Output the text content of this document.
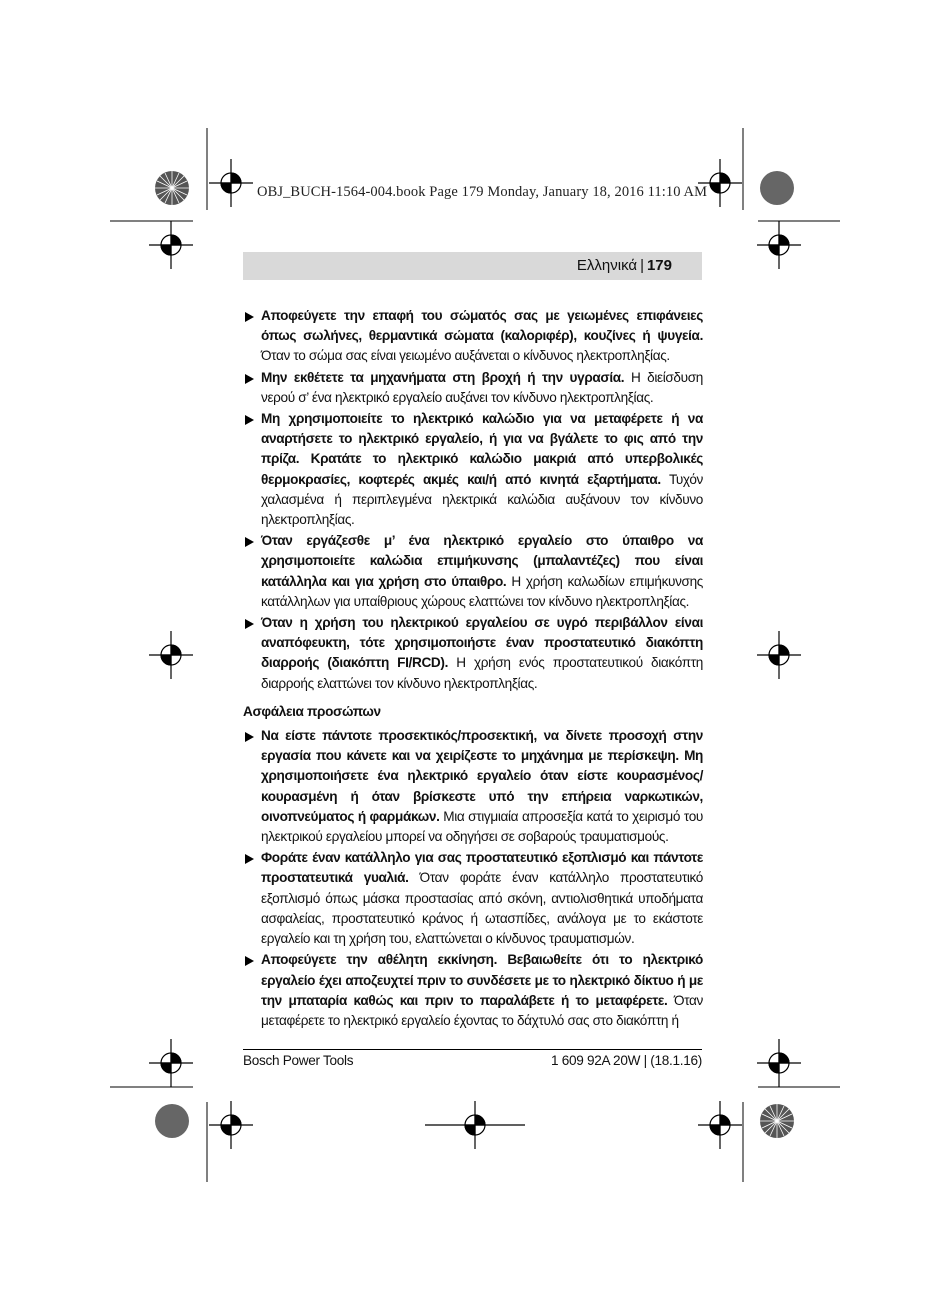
OBJ_BUCH-1564-004.book Page 179 Monday, January 18, 2016 11:10 AM
Ελληνικά | 179
Αποφεύγετε την επαφή του σώματός σας με γειωμένες επιφάνειες όπως σωλήνες, θερμαντικά σώματα (καλοριφέρ), κουζίνες ή ψυγεία. Όταν το σώμα σας είναι γειωμένο αυξάνεται ο κίνδυνος ηλεκτροπληξίας.
Μην εκθέτετε τα μηχανήματα στη βροχή ή την υγρασία. Η διείσδυση νερού σ’ ένα ηλεκτρικό εργαλείο αυξάνει τον κίνδυνο ηλεκτροπληξίας.
Μη χρησιμοποιείτε το ηλεκτρικό καλώδιο για να μεταφέρετε ή να αναρτήσετε το ηλεκτρικό εργαλείο, ή για να βγάλετε το φις από την πρίζα. Κρατάτε το ηλεκτρικό καλώδιο μακριά από υπερβολικές θερμοκρασίες, κοφτερές ακμές και/ή από κινητά εξαρτήματα. Τυχόν χαλασμένα ή περιπλεγμένα ηλεκτρικά καλώδια αυξάνουν τον κίνδυνο ηλεκτροπληξίας.
Όταν εργάζεσθε μ’ ένα ηλεκτρικό εργαλείο στο ύπαιθρο να χρησιμοποιείτε καλώδια επιμήκυνσης (μπαλαντέζες) που είναι κατάλληλα και για χρήση στο ύπαιθρο. Η χρήση καλωδίων επιμήκυνσης κατάλληλων για υπαίθριους χώρους ελαττώνει τον κίνδυνο ηλεκτροπληξίας.
Όταν η χρήση του ηλεκτρικού εργαλείου σε υγρό περιβάλλον είναι αναπόφευκτη, τότε χρησιμοποιήστε έναν προστατευτικό διακόπτη διαρροής (διακόπτη FI/RCD). Η χρήση ενός προστατευτικού διακόπτη διαρροής ελαττώνει τον κίνδυνο ηλεκτροπληξίας.
Ασφάλεια προσώπων
Να είστε πάντοτε προσεκτικός/προσεκτική, να δίνετε προσοχή στην εργασία που κάνετε και να χειρίζεστε το μηχάνημα με περίσκεψη. Μη χρησιμοποιήσετε ένα ηλεκτρικό εργαλείο όταν είστε κουρασμένος/κουρασμένη ή όταν βρίσκεστε υπό την επήρεια ναρκωτικών, οινοπνεύματος ή φαρμάκων. Μια στιγμιαία απροσεξία κατά το χειρισμό του ηλεκτρικού εργαλείου μπορεί να οδηγήσει σε σοβαρούς τραυματισμούς.
Φοράτε έναν κατάλληλο για σας προστατευτικό εξοπλισμό και πάντοτε προστατευτικά γυαλιά. Όταν φοράτε έναν κατάλληλο προστατευτικό εξοπλισμό όπως μάσκα προστασίας από σκόνη, αντιολισθητικά υποδήματα ασφαλείας, προστατευτικό κράνος ή ωτασπίδες, ανάλογα με το εκάστοτε εργαλείο και τη χρήση του, ελαττώνεται ο κίνδυνος τραυματισμών.
Αποφεύγετε την αθέλητη εκκίνηση. Βεβαιωθείτε ότι το ηλεκτρικό εργαλείο έχει αποζευχτεί πριν το συνδέσετε με το ηλεκτρικό δίκτυο ή με την μπαταρία καθώς και πριν το παραλάβετε ή το μεταφέρετε. Όταν μεταφέρετε το ηλεκτρικό εργαλείο έχοντας το δάχτυλό σας στο διακόπτη ή
Bosch Power Tools	1 609 92A 20W | (18.1.16)
